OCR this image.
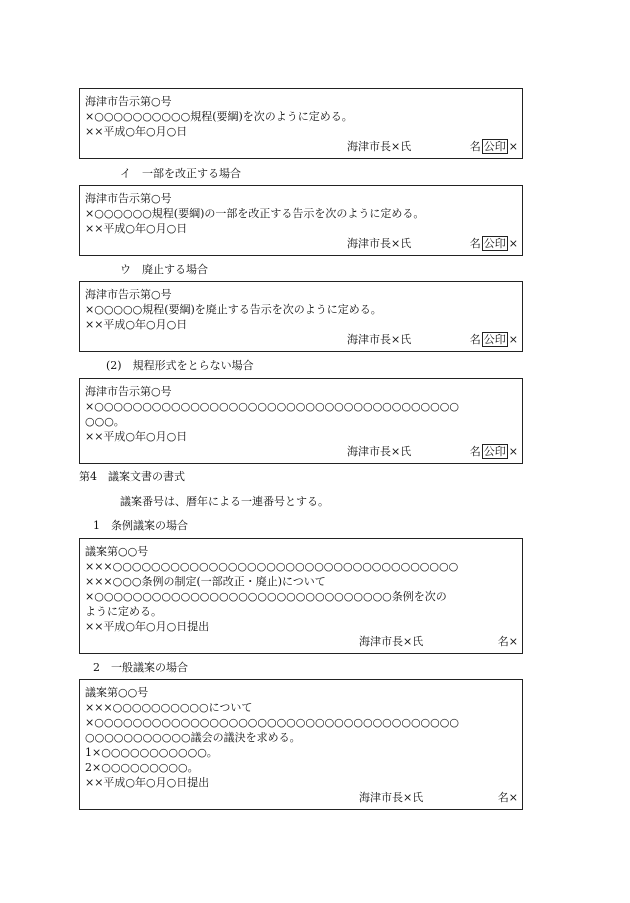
海津市告示第○号
×○○○○○○○○○○規程(要綱)を次のように定める。
××平成○年○月○日
海津市長×氏	名 公印 ×
イ　一部を改正する場合
海津市告示第○号
×○○○○○○規程(要綱)の一部を改正する告示を次のように定める。
××平成○年○月○日
海津市長×氏	名 公印 ×
ウ　廃止する場合
海津市告示第○号
×○○○○○規程(要綱)を廃止する告示を次のように定める。
××平成○年○月○日
海津市長×氏	名 公印 ×
(2)　規程形式をとらない場合
海津市告示第○号
×○○○○○○○○○○○○○○○○○○○○○○○○○○○○○○○○○○○○○○
○○○。
××平成○年○月○日
海津市長×氏	名 公印 ×
第4　議案文書の書式
議案番号は、暦年による一連番号とする。
1　条例議案の場合
議案第○○号
×××○○○○○○○○○○○○○○○○○○○○○○○○○○○○○○○○○○○○
×××○○○条例の制定(一部改正・廃止)について
×○○○○○○○○○○○○○○○○○○○○○○○○○○○○○○○条例を次の
ように定める。
××平成○年○月○日提出
海津市長×氏	名×
2　一般議案の場合
議案第○○号
×××○○○○○○○○○○について
×○○○○○○○○○○○○○○○○○○○○○○○○○○○○○○○○○○○○○○
○○○○○○○○○○○議会の議決を求める。
1×○○○○○○○○○○○。
2×○○○○○○○○○。
××平成○年○月○日提出
海津市長×氏	名×
